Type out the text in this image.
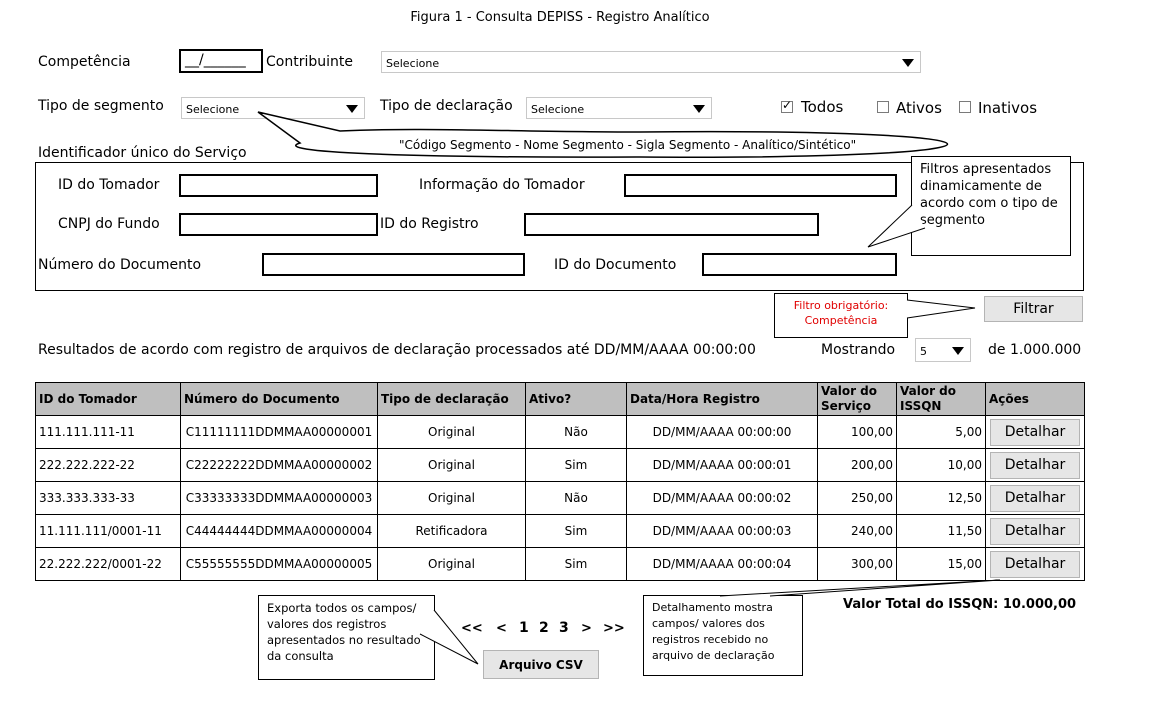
Figura 1 - Consulta DEPISS - Registro Analítico
Competência	__/______	Contribuinte	Selecione
Tipo de segmento	Selecione	Tipo de declaração	Selecione ✓	Todos	Ativos Inativos
"Código Segmento - Nome Segmento - Sigla Segmento - Analítico/Sintético"
Identificador único do Serviço
ID do Tomador	Informação do Tomador
CNPJ do Fundo	ID do Registro
Número do Documento	ID do Documento
Filtros apresentados dinamicamente de acordo com o tipo de segmento
Filtro obrigatório: Competência
Filtrar
Resultados de acordo com registro de arquivos de declaração processados até DD/MM/AAAA 00:00:00	Mostrando	5	de 1.000.000
ID do Tomador	Número do Documento	Tipo de declaração	Ativo?	Data/Hora Registro	Valor do Serviço	Valor do ISSQN	Ações
111.111.111-11	C11111111DDMMAA00000001	Original	Não	DD/MM/AAAA 00:00:00	100,00	5,00	Detalhar

222.222.222-22	C22222222DDMMAA00000002	Original	Sim	DD/MM/AAAA 00:00:01	200,00	10,00	Detalhar

333.333.333-33	C33333333DDMMAA00000003	Original	Não	DD/MM/AAAA 00:00:02	250,00	12,50	Detalhar

11.111.111/0001-11	C44444444DDMMAA00000004	Retificadora	Sim	DD/MM/AAAA 00:00:03	240,00	11,50	Detalhar

22.222.222/0001-22	C55555555DDMMAA00000005	Original	Sim	DD/MM/AAAA 00:00:04	300,00	15,00	Detalhar
Valor Total do ISSQN: 10.000,00
Detalhamento mostra campos/ valores dos registros recebido no arquivo de declaração
Exporta todos os campos/ valores dos registros apresentados no resultado da consulta
<< < 1 2 3 > >>
Arquivo CSV
